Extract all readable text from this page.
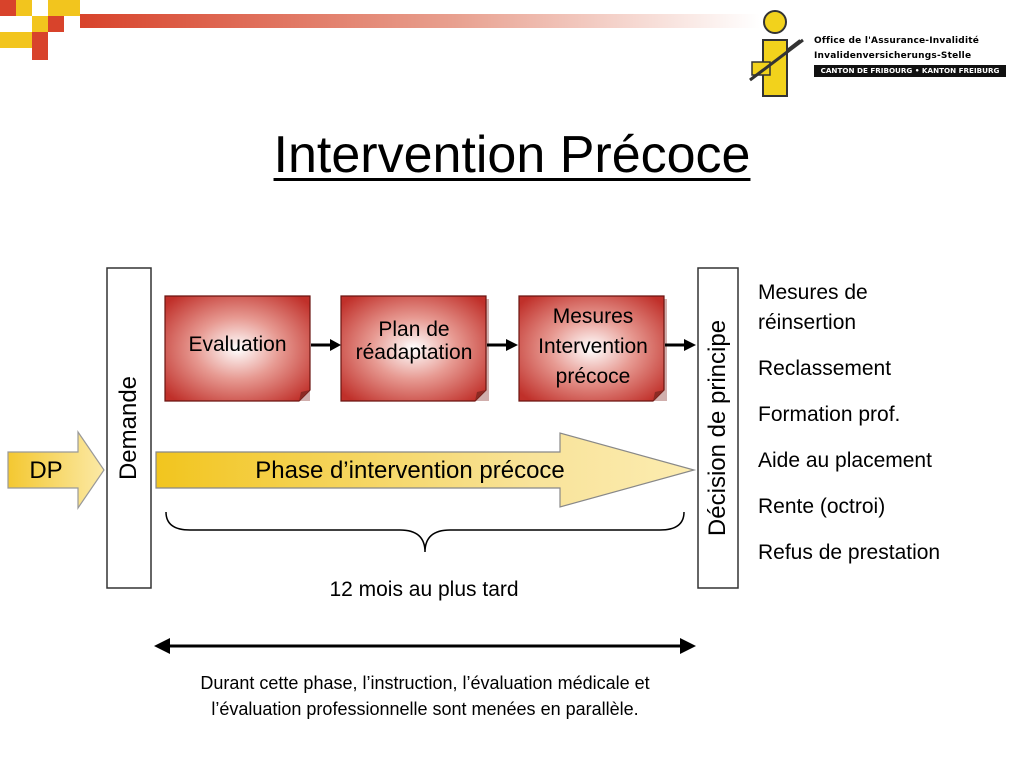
Office de l'Assurance-Invalidité
Invalidenversicherungs-Stelle
CANTON DE FRIBOURG • KANTON FREIBURG
Intervention Précoce
DP	Demande
Evaluation
Plan de réadaptation
Mesures Intervention précoce
Phase d’intervention précoce	Décision de principe
12 mois au plus tard
Durant cette phase, l’instruction, l’évaluation médicale et
l’évaluation professionnelle sont menées en parallèle.
Mesures de réinsertion
Reclassement
Formation prof.
Aide au placement
Rente (octroi)
Refus de prestation
